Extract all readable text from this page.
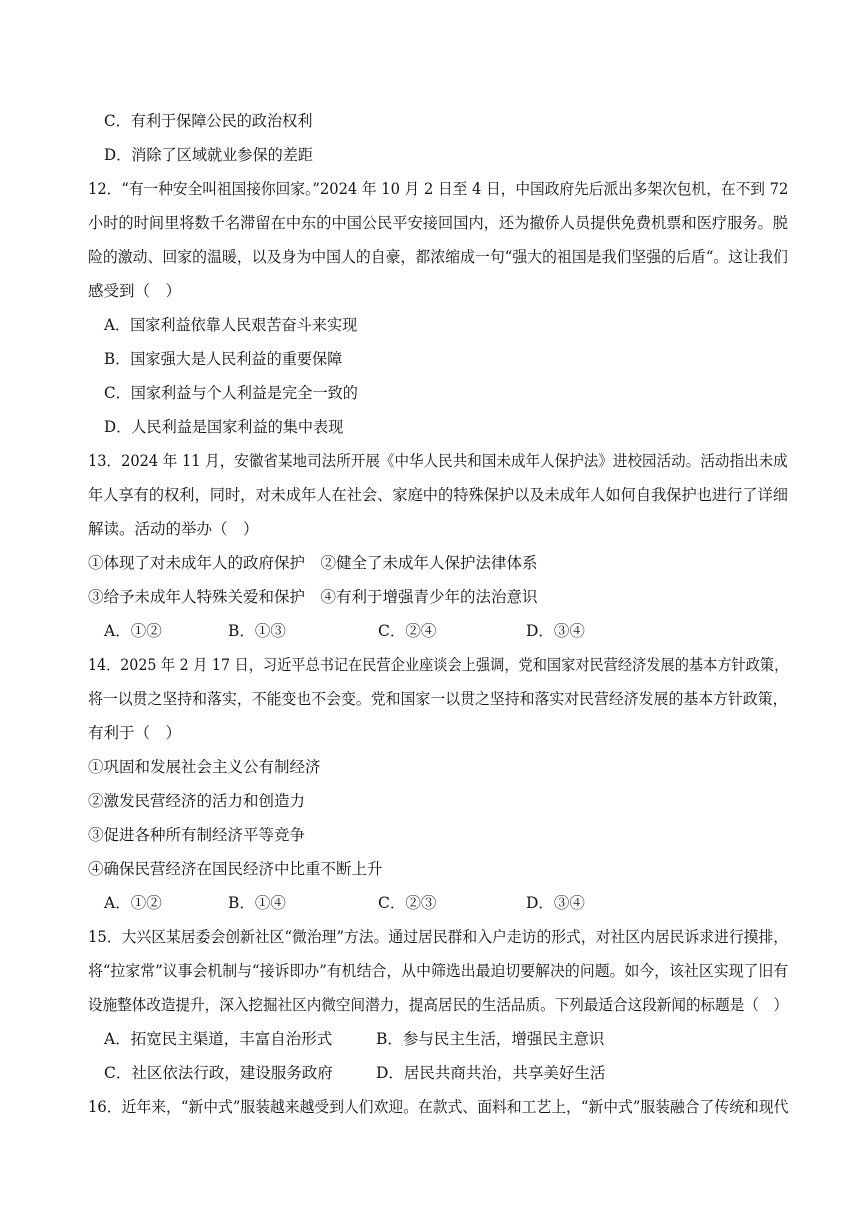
C．有利于保障公民的政治权利
D．消除了区域就业参保的差距
12．“有一种安全叫祖国接你回家。”2024 年 10 月 2 日至 4 日，中国政府先后派出多架次包机，在不到 72
小时的时间里将数千名滞留在中东的中国公民平安接回国内，还为撤侨人员提供免费机票和医疗服务。脱
险的激动、回家的温暖，以及身为中国人的自豪，都浓缩成一句“强大的祖国是我们坚强的后盾“。这让我们
感受到（　）
A．国家利益依靠人民艰苦奋斗来实现
B．国家强大是人民利益的重要保障
C．国家利益与个人利益是完全一致的
D．人民利益是国家利益的集中表现
13．2024 年 11 月，安徽省某地司法所开展《中华人民共和国未成年人保护法》进校园活动。活动指出未成
年人享有的权利，同时，对未成年人在社会、家庭中的特殊保护以及未成年人如何自我保护也进行了详细
解读。活动的举办（　）
①体现了对未成年人的政府保护　②健全了未成年人保护法律体系
③给予未成年人特殊关爱和保护　④有利于增强青少年的法治意识
A．①②	B．①③	C．②④	D．③④
14．2025 年 2 月 17 日，习近平总书记在民营企业座谈会上强调，党和国家对民营经济发展的基本方针政策，
将一以贯之坚持和落实，不能变也不会变。党和国家一以贯之坚持和落实对民营经济发展的基本方针政策，
有利于（　）
①巩固和发展社会主义公有制经济
②激发民营经济的活力和创造力
③促进各种所有制经济平等竞争
④确保民营经济在国民经济中比重不断上升
A．①②	B．①④	C．②③	D．③④
15．大兴区某居委会创新社区“微治理”方法。通过居民群和入户走访的形式，对社区内居民诉求进行摸排，
将“拉家常”议事会机制与“接诉即办”有机结合，从中筛选出最迫切要解决的问题。如今，该社区实现了旧有
设施整体改造提升，深入挖掘社区内微空间潜力，提高居民的生活品质。下列最适合这段新闻的标题是（　）
A．拓宽民主渠道，丰富自治形式	B．参与民主生活，增强民主意识
C．社区依法行政，建设服务政府	D．居民共商共治，共享美好生活
16．近年来，“新中式”服装越来越受到人们欢迎。在款式、面料和工艺上，“新中式”服装融合了传统和现代
